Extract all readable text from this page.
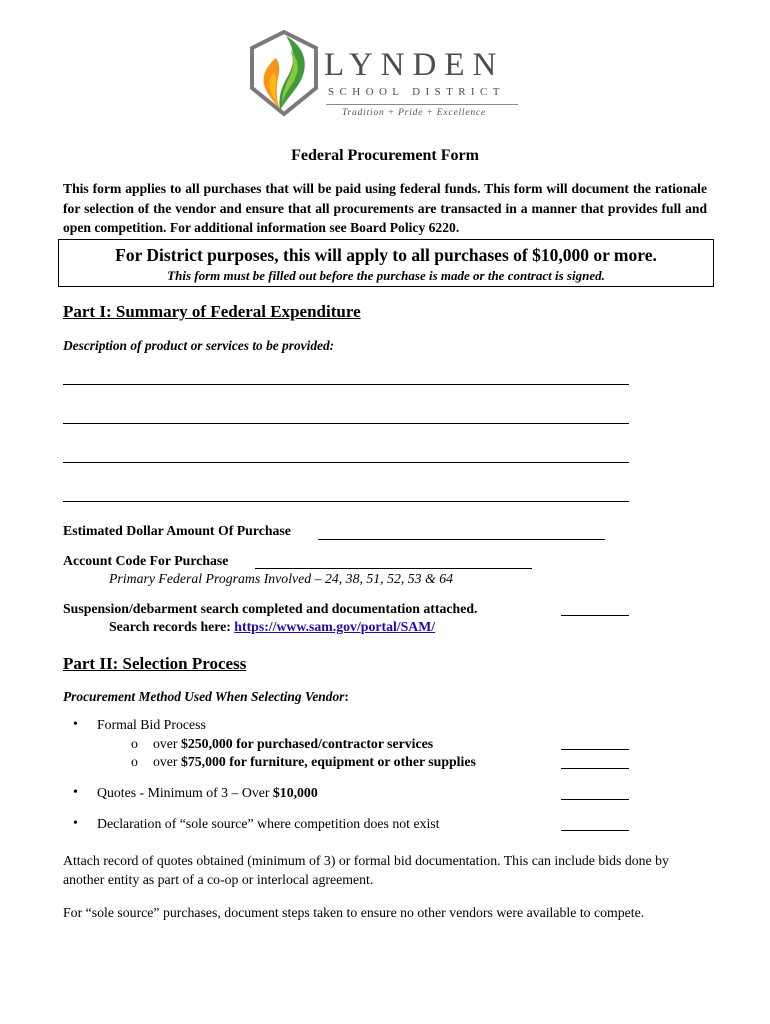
LYNDEN
SCHOOL DISTRICT
Tradition + Pride + Excellence
Federal Procurement Form
This form applies to all purchases that will be paid using federal funds. This form will document the rationale for selection of the vendor and ensure that all procurements are transacted in a manner that provides full and open competition. For additional information see Board Policy 6220.
For District purposes, this will apply to all purchases of $10,000 or more.
This form must be filled out before the purchase is made or the contract is signed.
Part I: Summary of Federal Expenditure
Description of product or services to be provided:
Estimated Dollar Amount Of Purchase
Account Code For Purchase
Primary Federal Programs Involved – 24, 38, 51, 52, 53 & 64
Suspension/debarment search completed and documentation attached.
Search records here: https://www.sam.gov/portal/SAM/
Part II: Selection Process
Procurement Method Used When Selecting Vendor:
• Formal Bid Process
o over $250,000 for purchased/contractor services
o over $75,000 for furniture, equipment or other supplies
• Quotes - Minimum of 3 – Over $10,000
• Declaration of “sole source” where competition does not exist
Attach record of quotes obtained (minimum of 3) or formal bid documentation. This can include bids done by another entity as part of a co-op or interlocal agreement.
For “sole source” purchases, document steps taken to ensure no other vendors were available to compete.
